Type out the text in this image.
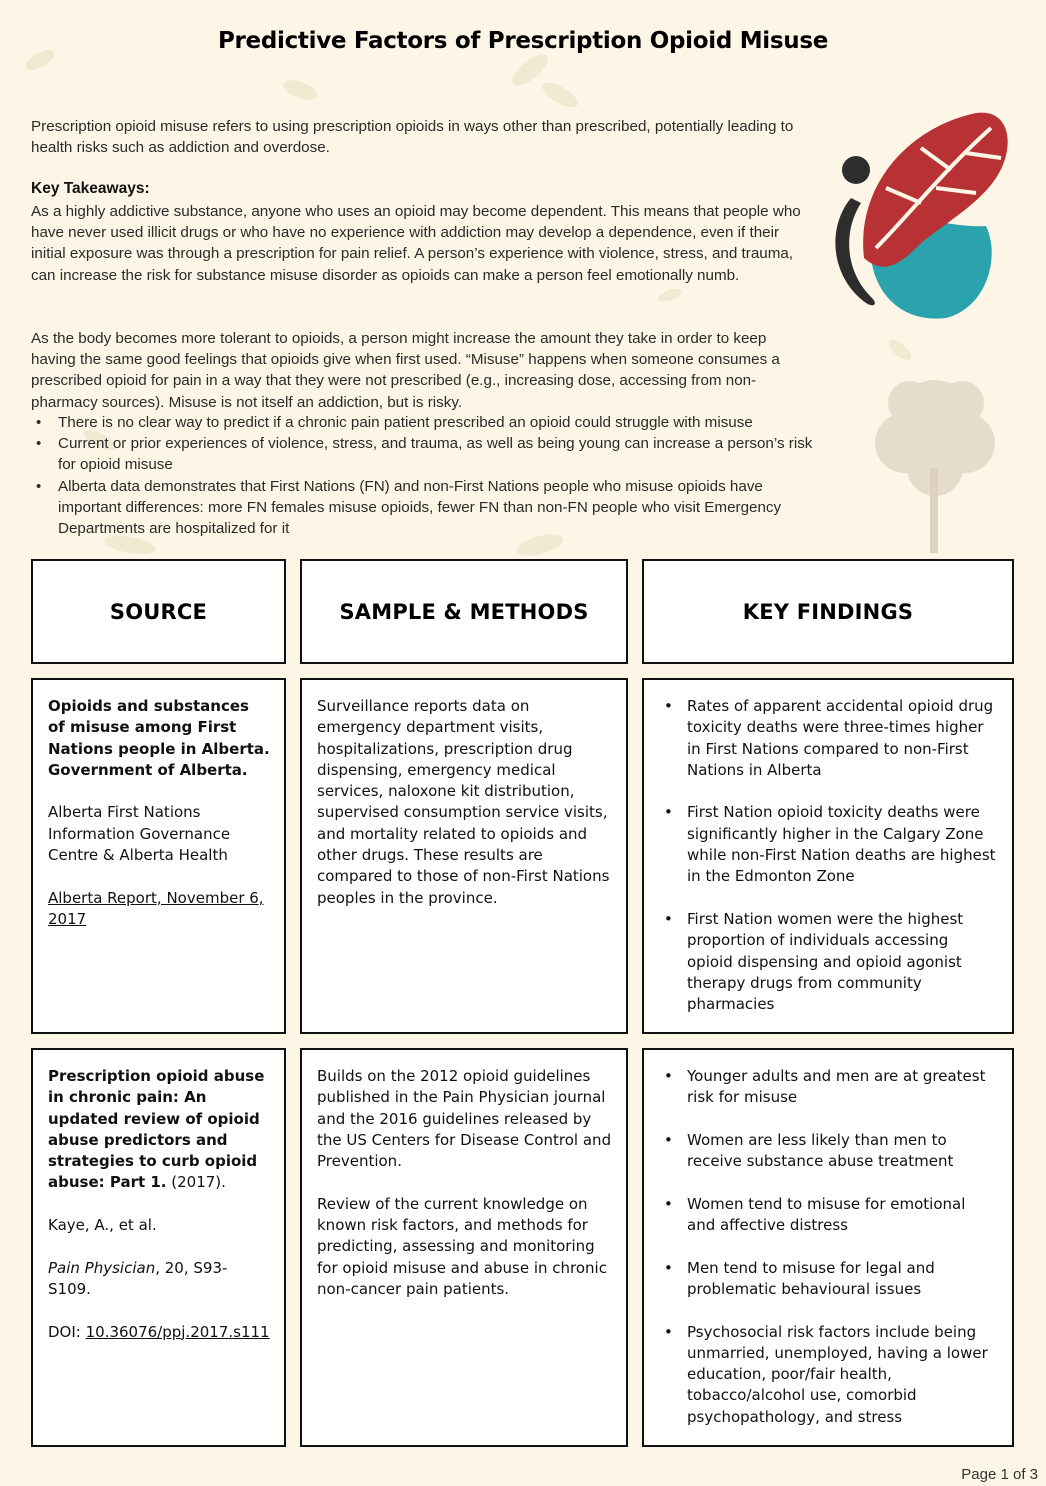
Predictive Factors of Prescription Opioid Misuse

Prescription opioid misuse refers to using prescription opioids in ways other than prescribed, potentially leading to health risks such as addiction and overdose.

Key Takeaways:

As a highly addictive substance, anyone who uses an opioid may become dependent. This means that people who have never used illicit drugs or who have no experience with addiction may develop a dependence, even if their initial exposure was through a prescription for pain relief. A person’s experience with violence, stress, and trauma, can increase the risk for substance misuse disorder as opioids can make a person feel emotionally numb.

As the body becomes more tolerant to opioids, a person might increase the amount they take in order to keep having the same good feelings that opioids give when first used. “Misuse” happens when someone consumes a prescribed opioid for pain in a way that they were not prescribed (e.g., increasing dose, accessing from non-pharmacy sources). Misuse is not itself an addiction, but is risky.

• There is no clear way to predict if a chronic pain patient prescribed an opioid could struggle with misuse
• Current or prior experiences of violence, stress, and trauma, as well as being young can increase a person’s risk for opioid misuse
• Alberta data demonstrates that First Nations (FN) and non-First Nations people who misuse opioids have important differences: more FN females misuse opioids, fewer FN than non-FN people who visit Emergency Departments are hospitalized for it
SOURCE	SAMPLE & METHODS	KEY FINDINGS

Opioids and substances of misuse among First Nations people in Alberta. Government of Alberta.

Alberta First Nations Information Governance Centre & Alberta Health

Alberta Report, November 6, 2017

Surveillance reports data on emergency department visits, hospitalizations, prescription drug dispensing, emergency medical services, naloxone kit distribution, supervised consumption service visits, and mortality related to opioids and other drugs. These results are compared to those of non-First Nations peoples in the province.

• Rates of apparent accidental opioid drug toxicity deaths were three-times higher in First Nations compared to non-First Nations in Alberta
• First Nation opioid toxicity deaths were significantly higher in the Calgary Zone while non-First Nation deaths are highest in the Edmonton Zone
• First Nation women were the highest proportion of individuals accessing opioid dispensing and opioid agonist therapy drugs from community pharmacies

Prescription opioid abuse in chronic pain: An updated review of opioid abuse predictors and strategies to curb opioid abuse: Part 1. (2017).

Kaye, A., et al.

Pain Physician, 20, S93-S109.

DOI: 10.36076/ppj.2017.s111

Builds on the 2012 opioid guidelines published in the Pain Physician journal and the 2016 guidelines released by the US Centers for Disease Control and Prevention.

Review of the current knowledge on known risk factors, and methods for predicting, assessing and monitoring for opioid misuse and abuse in chronic non-cancer pain patients.

• Younger adults and men are at greatest risk for misuse
• Women are less likely than men to receive substance abuse treatment
• Women tend to misuse for emotional and affective distress
• Men tend to misuse for legal and problematic behavioural issues
• Psychosocial risk factors include being unmarried, unemployed, having a lower education, poor/fair health, tobacco/alcohol use, comorbid psychopathology, and stress
Page 1 of 3
